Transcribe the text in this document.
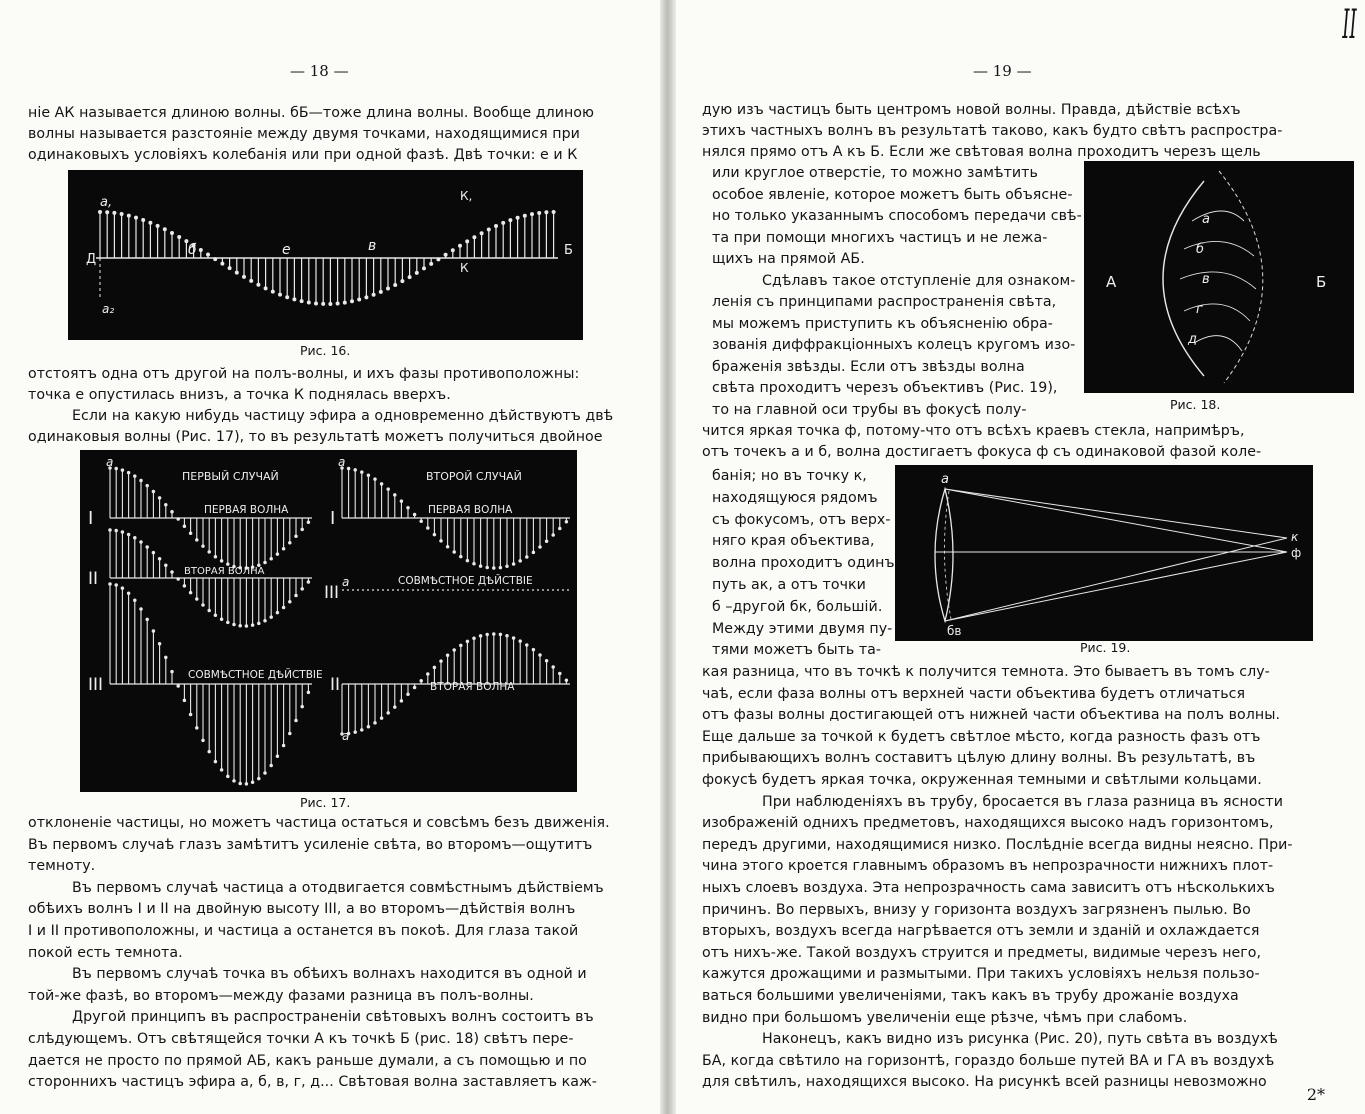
— 18 —
ніе АК называется длиною волны. бБ—тоже длина волны. Вообще длиною
волны называется разстояніе между двумя точками, находящимися при
одинаковыхъ условіяхъ колебанія или при одной фазѣ. Двѣ точки: е и К
а,
Д
а₂
б	е	в
К,
К
Б
Рис. 16.
отстоятъ одна отъ другой на полъ-волны, и ихъ фазы противоположны:
точка е опустилась внизъ, а точка К поднялась вверхъ.
Если на какую нибудь частицу эфира а одновременно дѣйствуютъ двѣ
одинаковыя волны (Рис. 17), то въ результатѣ можетъ получиться двойное
ПЕРВЫЙ СЛУЧАЙ	ВТОРОЙ СЛУЧАЙ
ПЕРВАЯ ВОЛНА	ПЕРВАЯ ВОЛНА
ВТОРАЯ ВОЛНА
СОВМѢСТНОЕ ДѢЙСТВІЕ
СОВМѢСТНОЕ ДѢЙСТВІЕ
ВТОРАЯ ВОЛНА
I
II
III
I
III
II
а	а
а
а
Рис. 17.
отклоненіе частицы, но можетъ частица остаться и совсѣмъ безъ движенія.
Въ первомъ случаѣ глазъ замѣтитъ усиленіе свѣта, во второмъ—ощутитъ
темноту.
Въ первомъ случаѣ частица а отодвигается совмѣстнымъ дѣйствіемъ
обѣихъ волнъ I и II на двойную высоту III, а во второмъ—дѣйствія волнъ
I и II противоположны, и частица а останется въ покоѣ. Для глаза такой
покой есть темнота.
Въ первомъ случаѣ точка въ обѣихъ волнахъ находится въ одной и
той-же фазѣ, во второмъ—между фазами разница въ полъ-волны.
Другой принципъ въ распространеніи свѣтовыхъ волнъ состоитъ въ
слѣдующемъ. Отъ свѣтящейся точки А къ точкѣ Б (рис. 18) свѣтъ пере-
дается не просто по прямой АБ, какъ раньше думали, а съ помощью и по
стороннихъ частицъ эфира а, б, в, г, д... Свѣтовая волна заставляетъ каж-
— 19 —
II
дую изъ частицъ быть центромъ новой волны. Правда, дѣйствіе всѣхъ
этихъ частныхъ волнъ въ результатѣ таково, какъ будто свѣтъ распростра-
нялся прямо отъ А къ Б. Если же свѣтовая волна проходитъ черезъ щель
или круглое отверстіе, то можно замѣтить
особое явленіе, которое можетъ быть объясне-
но только указаннымъ способомъ передачи свѣ-
та при помощи многихъ частицъ и не лежа-
щихъ на прямой АБ.
Сдѣлавъ такое отступленіе для ознаком-
ленія съ принципами распространенія свѣта,
мы можемъ приступить къ объясненію обра-
зованія диффракціонныхъ колецъ кругомъ изо-
браженія звѣзды. Если отъ звѣзды волна
свѣта проходитъ черезъ объективъ (Рис. 19),
то на главной оси трубы въ фокусѣ полу-
А	Б
а
б
в
г
д
Рис. 18.
чится яркая точка ф, потому-что отъ всѣхъ краевъ стекла, напримѣръ,
отъ точекъ а и б, волна достигаетъ фокуса ф съ одинаковой фазой коле-
банія; но въ точку к,
находящуюся рядомъ
съ фокусомъ, отъ верх-
няго края объектива,
волна проходитъ одинъ
путь ак, а отъ точки
б –другой бк, большій.
Между этими двумя пу-
тями можетъ быть та-
а
бв
к
ф
Рис. 19.
кая разница, что въ точкѣ к получится темнота. Это бываетъ въ томъ слу-
чаѣ, если фаза волны отъ верхней части объектива будетъ отличаться
отъ фазы волны достигающей отъ нижней части объектива на полъ волны.
Еще дальше за точкой к будетъ свѣтлое мѣсто, когда разность фазъ отъ
прибывающихъ волнъ составитъ цѣлую длину волны. Въ результатѣ, въ
фокусѣ будетъ яркая точка, окруженная темными и свѣтлыми кольцами.
При наблюденіяхъ въ трубу, бросается въ глаза разница въ ясности
изображеній однихъ предметовъ, находящихся высоко надъ горизонтомъ,
передъ другими, находящимися низко. Послѣдніе всегда видны неясно. При-
чина этого кроется главнымъ образомъ въ непрозрачности нижнихъ плот-
ныхъ слоевъ воздуха. Эта непрозрачность сама зависитъ отъ нѣсколькихъ
причинъ. Во первыхъ, внизу у горизонта воздухъ загрязненъ пылью. Во
вторыхъ, воздухъ всегда нагрѣвается отъ земли и зданій и охлаждается
отъ нихъ-же. Такой воздухъ струится и предметы, видимые черезъ него,
кажутся дрожащими и размытыми. При такихъ условіяхъ нельзя пользо-
ваться большими увеличеніями, такъ какъ въ трубу дрожаніе воздуха
видно при большомъ увеличеніи еще рѣзче, чѣмъ при слабомъ.
Наконецъ, какъ видно изъ рисунка (Рис. 20), путь свѣта въ воздухѣ
БА, когда свѣтило на горизонтѣ, гораздо больше путей ВА и ГА въ воздухѣ
для свѣтилъ, находящихся высоко. На рисункѣ всей разницы невозможно
2*
